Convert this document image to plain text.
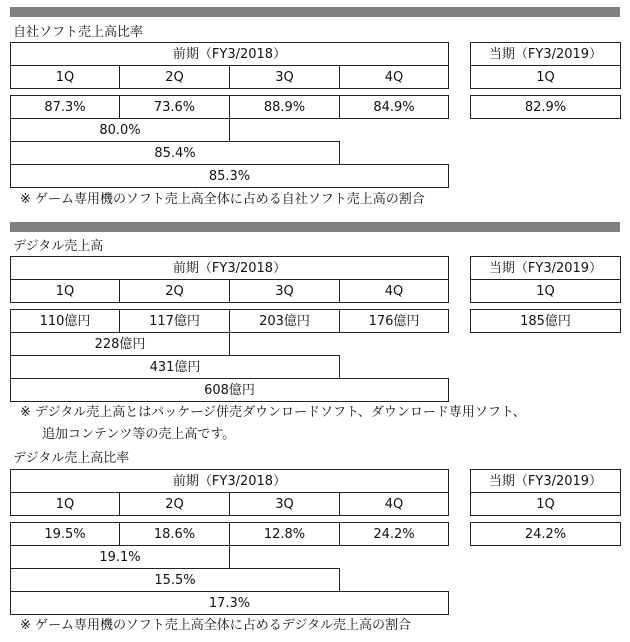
自社ソフト売上高比率
前期（FY3/2018）	当期（FY3/2019）
1Q	2Q	3Q	4Q	1Q
87.3%	73.6%	88.9%	84.9%	82.9%
80.0%
85.4%
85.3%
※ ゲーム専用機のソフト売上高全体に占める自社ソフト売上高の割合
デジタル売上高
前期（FY3/2018）	当期（FY3/2019）
1Q	2Q	3Q	4Q	1Q
110億円	117億円	203億円	176億円	185億円
228億円
431億円
608億円
※ デジタル売上高とはパッケージ併売ダウンロードソフト、ダウンロード専用ソフト、
追加コンテンツ等の売上高です。
デジタル売上高比率
前期（FY3/2018）	当期（FY3/2019）
1Q	2Q	3Q	4Q	1Q
19.5%	18.6%	12.8%	24.2%	24.2%
19.1%
15.5%
17.3%
※ ゲーム専用機のソフト売上高全体に占めるデジタル売上高の割合
